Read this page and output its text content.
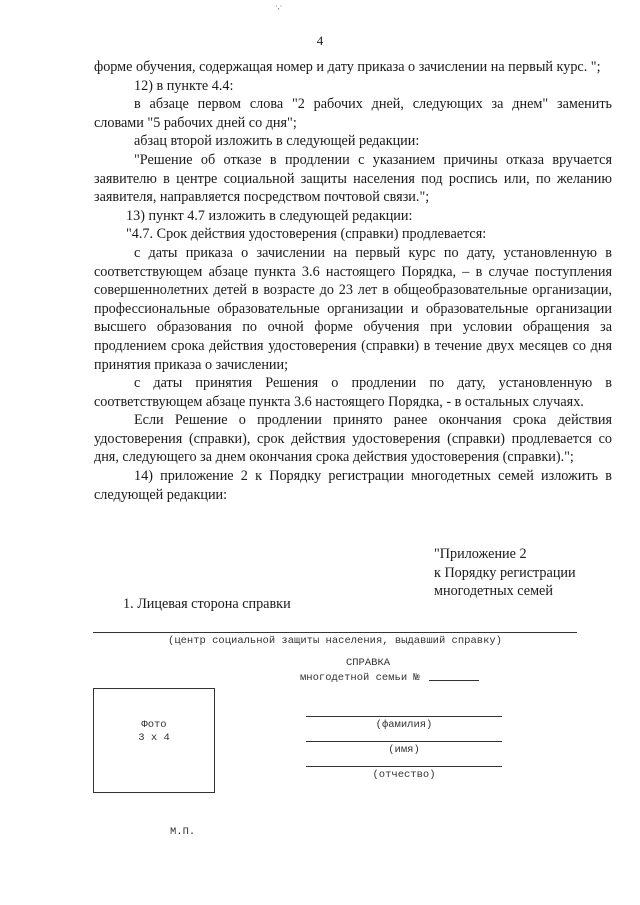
·,·
4

форме обучения, содержащая номер и дату приказа о зачислении на первый курс. ";

12) в пункте 4.4:

в абзаце первом слова "2 рабочих дней, следующих за днем" заменить словами "5 рабочих дней со дня";

абзац второй изложить в следующей редакции:

"Решение об отказе в продлении с указанием причины отказа вручается заявителю в центре социальной защиты населения под роспись или, по желанию заявителя, направляется посредством почтовой связи.";

13) пункт 4.7 изложить в следующей редакции:

"4.7. Срок действия удостоверения (справки) продлевается:

с даты приказа о зачислении на первый курс по дату, установленную в соответствующем абзаце пункта 3.6 настоящего Порядка, – в случае поступления совершеннолетних детей в возрасте до 23 лет в общеобразовательные организации, профессиональные образовательные организации и образовательные организации высшего образования по очной форме обучения при условии обращения за продлением срока действия удостоверения (справки) в течение двух месяцев со дня принятия приказа о зачислении;

с даты принятия Решения о продлении по дату, установленную в соответствующем абзаце пункта 3.6 настоящего Порядка, - в остальных случаях.

Если Решение о продлении принято ранее окончания срока действия удостоверения (справки), срок действия удостоверения (справки) продлевается со дня, следующего за днем окончания срока действия удостоверения (справки).";

14) приложение 2 к Порядку регистрации многодетных семей изложить в следующей редакции:

"Приложение 2
к Порядку регистрации
многодетных семей
1. Лицевая сторона справки
(центр социальной защиты населения, выдавший справку)
СПРАВКА
многодетной семьи №
Фото
3 х 4
(фамилия)
(имя)
(отчество)
М.П.
